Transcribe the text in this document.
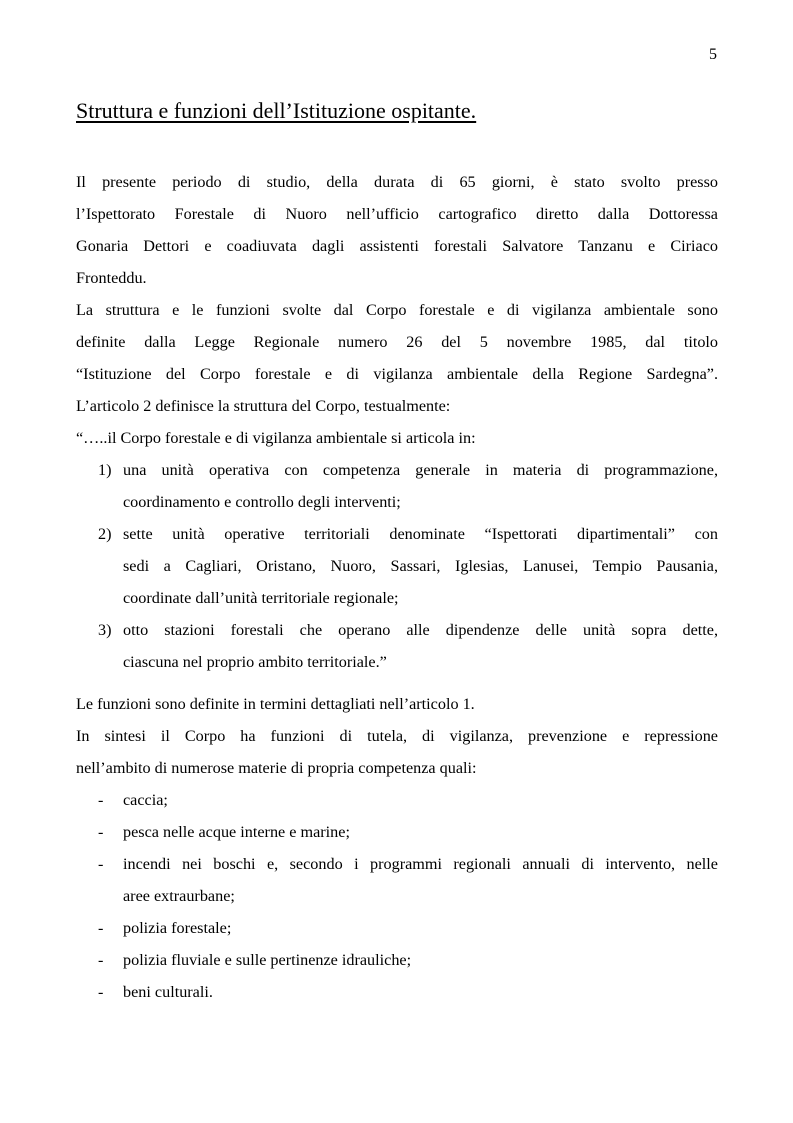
5
Struttura e funzioni dell’Istituzione ospitante.
Il presente periodo di studio, della durata di 65 giorni, è stato svolto presso
l’Ispettorato Forestale di Nuoro nell’ufficio cartografico diretto dalla Dottoressa
Gonaria Dettori e coadiuvata dagli assistenti forestali Salvatore Tanzanu e Ciriaco
Fronteddu.
La struttura e le funzioni svolte dal Corpo forestale e di vigilanza ambientale sono
definite dalla Legge Regionale numero 26 del 5 novembre 1985, dal titolo
“Istituzione del Corpo forestale e di vigilanza ambientale della Regione Sardegna”.
L’articolo 2 definisce la struttura del Corpo, testualmente:
“…..il Corpo forestale e di vigilanza ambientale si articola in:
1) una unità operativa con competenza generale in materia di programmazione,
coordinamento e controllo degli interventi;
2) sette unità operative territoriali denominate “Ispettorati dipartimentali” con
sedi a Cagliari, Oristano, Nuoro, Sassari, Iglesias, Lanusei, Tempio Pausania,
coordinate dall’unità territoriale regionale;
3) otto stazioni forestali che operano alle dipendenze delle unità sopra dette,
ciascuna nel proprio ambito territoriale.”
Le funzioni sono definite in termini dettagliati nell’articolo 1.
In sintesi il Corpo ha funzioni di tutela, di vigilanza, prevenzione e repressione
nell’ambito di numerose materie di propria competenza quali:
- caccia;
- pesca nelle acque interne e marine;
- incendi nei boschi e, secondo i programmi regionali annuali di intervento, nelle
aree extraurbane;
- polizia forestale;
- polizia fluviale e sulle pertinenze idrauliche;
- beni culturali.
